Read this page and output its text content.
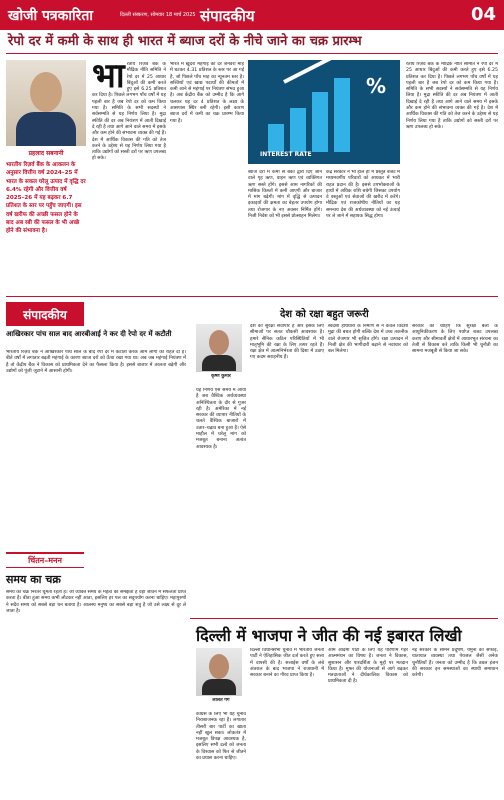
खोजी पत्रकारिता	दिल्ली संस्करण, सोमवार 18 मार्च 2025 संपादकीय	04
रेपो दर में कमी के साथ ही भारत में ब्याज दरों के नीचे जाने का चक्र प्रारम्भ
प्रहलाद सबनानी
भारतीय रिज़र्व बैंक के आकलन के अनुसार वित्तीय वर्ष 2024–25 में भारत के सकल घरेलू उत्पाद में वृद्धि दर 6.4% रहेगी और वित्तीय वर्ष 2025–26 में यह बढ़कर 6.7 प्रतिशत के स्तर पर पहुँच जाएगी। इस वर्ष खरीफ की अच्छी फसल होने के बाद अब रबी की फसल के भी अच्छे होने की संभावना है।
भारतीय रिज़र्व बैंक के मौद्रिक नीति समिति ने रेपो दर में 25 आधार बिंदुओं की कमी करते हुए इसे 6.25 प्रतिशत कर दिया है। पिछले लगभग पाँच वर्षों में यह पहली बार है जब रेपो दर को कम किया गया है। समिति के सभी सदस्यों ने सर्वसम्मति से यह निर्णय लिया है। मुद्रा स्फीति की दर अब नियंत्रण में आती दिखाई दे रही है तथा आगे आने वाले समय में इसके और कम होने की संभावना व्यक्त की गई है। देश में आर्थिक विकास की गति को तेज करने के उद्देश्य से यह निर्णय लिया गया है ताकि उद्योगों को सस्ती दरों पर ऋण उपलब्ध हो सके।
भारत में खुदरा महंगाई की दर जनवरी माह में घटकर 4.31 प्रतिशत के स्तर पर आ गई है, जो पिछले पाँच माह का न्यूनतम स्तर है। सब्जियों एवं खाद्य पदार्थों की कीमतों में कमी आने से महंगाई पर नियंत्रण संभव हुआ है। अब केंद्रीय बैंक को उम्मीद है कि आगे चलकर यह दर 4 प्रतिशत के लक्ष्य के आसपास स्थिर बनी रहेगी। इसी कारण ब्याज दरों में कमी का चक्र प्रारम्भ किया गया है।
%
INTEREST RATE
ब्याज दरों में कमी से बैंकों द्वारा दिए जाने वाले गृह ऋण, वाहन ऋण एवं व्यक्तिगत ऋण सस्ते होंगे। इससे आम नागरिकों की मासिक किश्तों में कमी आएगी और बाजार में मांग बढ़ेगी। मांग में वृद्धि से उत्पादन इकाइयों की क्षमता का बेहतर उपयोग होगा तथा रोजगार के नए अवसर निर्मित होंगे। निजी निवेश को भी इससे प्रोत्साहन मिलेगा।
केंद्र सरकार ने भी हाल ही में प्रस्तुत बजट में मध्यमवर्गीय परिवारों को आयकर में भारी राहत प्रदान की है। इससे उपभोक्ताओं के हाथों में अधिक राशि बचेगी जिसका उपयोग वे वस्तुओं एवं सेवाओं की खरीद में करेंगे। मौद्रिक एवं राजकोषीय नीतियों का यह समन्वय देश की अर्थव्यवस्था को नई ऊंचाई पर ले जाने में सहायक सिद्ध होगा।
रतीय रिज़र्व बैंक के मौद्रिक नीति समिति ने रेपो दर में 25 आधार बिंदुओं की कमी करते हुए इसे 6.25 प्रतिशत कर दिया है। पिछले लगभग पाँच वर्षों में यह पहली बार है जब रेपो दर को कम किया गया है। समिति के सभी सदस्यों ने सर्वसम्मति से यह निर्णय लिया है। मुद्रा स्फीति की दर अब नियंत्रण में आती दिखाई दे रही है तथा आगे आने वाले समय में इसके और कम होने की संभावना व्यक्त की गई है। देश में आर्थिक विकास की गति को तेज करने के उद्देश्य से यह निर्णय लिया गया है ताकि उद्योगों को सस्ती दरों पर ऋण उपलब्ध हो सके।
संपादकीय
आखिरकार पांच साल बाद आरबीआई ने कर दी रेपो दर में कटौती
भारतीय रिज़र्व बैंक ने आखिरकार पाँच साल के बाद रेपो दर में कटौती करके आम लोगों को राहत दी है। बीते वर्षों में लगातार बढ़ती महंगाई के कारण ब्याज दरों को ऊँचा रखा गया था। अब जब महंगाई नियंत्रण में है तो केंद्रीय बैंक ने विकास को प्राथमिकता देने का फैसला किया है। इससे बाजार में तरलता बढ़ेगी और उद्योगों को पूंजी जुटाने में आसानी होगी।
देश को रक्षा बहुत जरूरी
कृष्ण कुमार
देश की सुरक्षा सर्वोपरि है और इसके लिए सीमाओं पर सतत चौकसी आवश्यक है। हमारे सैनिक कठिन परिस्थितियों में भी मातृभूमि की रक्षा के लिए तत्पर रहते हैं। रक्षा क्षेत्र में आत्मनिर्भरता की दिशा में उठाए गए कदम सराहनीय हैं।
स्वदेशी हथियारों के निर्माण से न केवल विदेशी मुद्रा की बचत होगी बल्कि देश में उच्च तकनीक वाले रोजगार भी सृजित होंगे। रक्षा उत्पादन में निजी क्षेत्र की भागीदारी बढ़ाने से नवाचार को बल मिलेगा।
सरकार को चाहिए कि सुरक्षा बलों के आधुनिकीकरण के लिए पर्याप्त बजट उपलब्ध कराए और सीमावर्ती क्षेत्रों में आधारभूत संरचना का तेजी से विकास करे ताकि किसी भी चुनौती का सामना मजबूती से किया जा सके।
यह निर्णय ऐसे समय में आया है जब वैश्विक अर्थव्यवस्था अनिश्चितता के दौर से गुजर रही है। अमेरिका में नई सरकार की व्यापार नीतियों के चलते वैश्विक बाजारों में उतार–चढ़ाव बना हुआ है। ऐसे माहौल में घरेलू मांग को मजबूत बनाना अत्यंत आवश्यक है।
चिंतन–मनन
समय का चक्र
समय का चक्र निरंतर घूमता रहता है। जो व्यक्ति समय के महत्व को समझता है वही जीवन में सफलता प्राप्त करता है। बीता हुआ समय कभी लौटकर नहीं आता, इसलिए हर पल का सदुपयोग करना चाहिए। महापुरुषों ने सदैव समय को सबसे बड़ा धन बताया है। आलस्य मनुष्य का सबसे बड़ा शत्रु है जो उसे लक्ष्य से दूर ले जाता है।
दिल्ली में भाजपा ने जीत की नई इबारत लिखी
ललित गर्ग
दिल्ली विधानसभा चुनाव में भारतीय जनता पार्टी ने ऐतिहासिक जीत दर्ज करते हुए सत्ता में वापसी की है। सत्ताईस वर्षों के लंबे अंतराल के बाद भाजपा ने राजधानी में सरकार बनाने का गौरव प्राप्त किया है।
आम आदमी पार्टी के लिए यह परिणाम गहरे आत्ममंथन का विषय है। जनता ने विकास, सुशासन और पारदर्शिता के मुद्दों पर मतदान किया है। मुफ्त की योजनाओं से आगे बढ़कर मतदाताओं ने दीर्घकालिक विकास को प्राथमिकता दी है।
नई सरकार के सामने प्रदूषण, यमुना की सफाई, यातायात व्यवस्था तथा पेयजल जैसी अनेक चुनौतियाँ हैं। जनता को उम्मीद है कि डबल इंजन की सरकार इन समस्याओं का स्थायी समाधान करेगी।
कांग्रेस के लिए भी यह चुनाव निराशाजनक रहा है। लगातार तीसरी बार पार्टी का खाता नहीं खुल सका। लोकतंत्र में मजबूत विपक्ष आवश्यक है, इसलिए सभी दलों को जनता के विश्वास को फिर से जीतने का प्रयास करना चाहिए।
